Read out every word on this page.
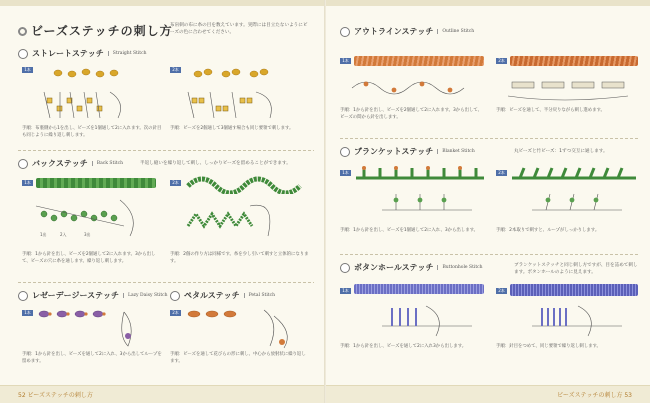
ビーズステッチの刺し方
布帛刺の布に糸の目を数えています。実際には目立たないようにビーズの色に合わせてください。
ストレートステッチ	Straight Stitch
1本	2本
手順：布裏側から1を出し、ビーズを1個通して2に入れます。次の針目も同じように繰り返し刺します。
手順：ビーズを2個通して3個通す場合も同じ要領で刺します。
バックステッチ	Back Stitch	半返し縫いを繰り返して刺し、しっかりビーズを留めることができます。
1本	2本
1出	2入	3出
手順：1から針を出し、ビーズを2個通して2に入れます。3から出して、ビーズの穴に糸を通します。繰り返し刺します。
手順：2個の作り方は同様です。糸を少し引いて刺すと立体的になります。
レゼーデージーステッチ	Lazy Daisy Stitch ペタルステッチ	Petal Stitch
1本	2本
手順：1から針を出し、ビーズを通して2に入れ、3から出してループを留めます。
手順：ビーズを通して花びらの形に刺し、中心から放射状に繰り返します。
52 ビーズステッチの刺し方
アウトラインステッチ	Outline Stitch
1本	2本
手順：1から針を出し、ビーズを2個通して2に入れます。3から出して、ビーズの間から針を出します。
手順：ビーズを通して、半分戻りながら刺し進めます。
ブランケットステッチ	Blanket Stitch	丸ビーズと竹ビーズ：1ずつ交互に通します。
1本	2本
手順：1から針を出し、ビーズを1個通して2に入れ、3から出します。	手順：2本取りで刺すと、ループがしっかりします。
ボタンホールステッチ	Buttonhole Stitch	ブランケットステッチと同じ刺し方ですが、目を詰めて刺します。ボタンホールのように見えます。
1本	2本
手順：1から針を出し、ビーズを通して2に入れ3から出します。	手順：針目をつめて、同じ要領で繰り返し刺します。
ビーズステッチの刺し方 53
